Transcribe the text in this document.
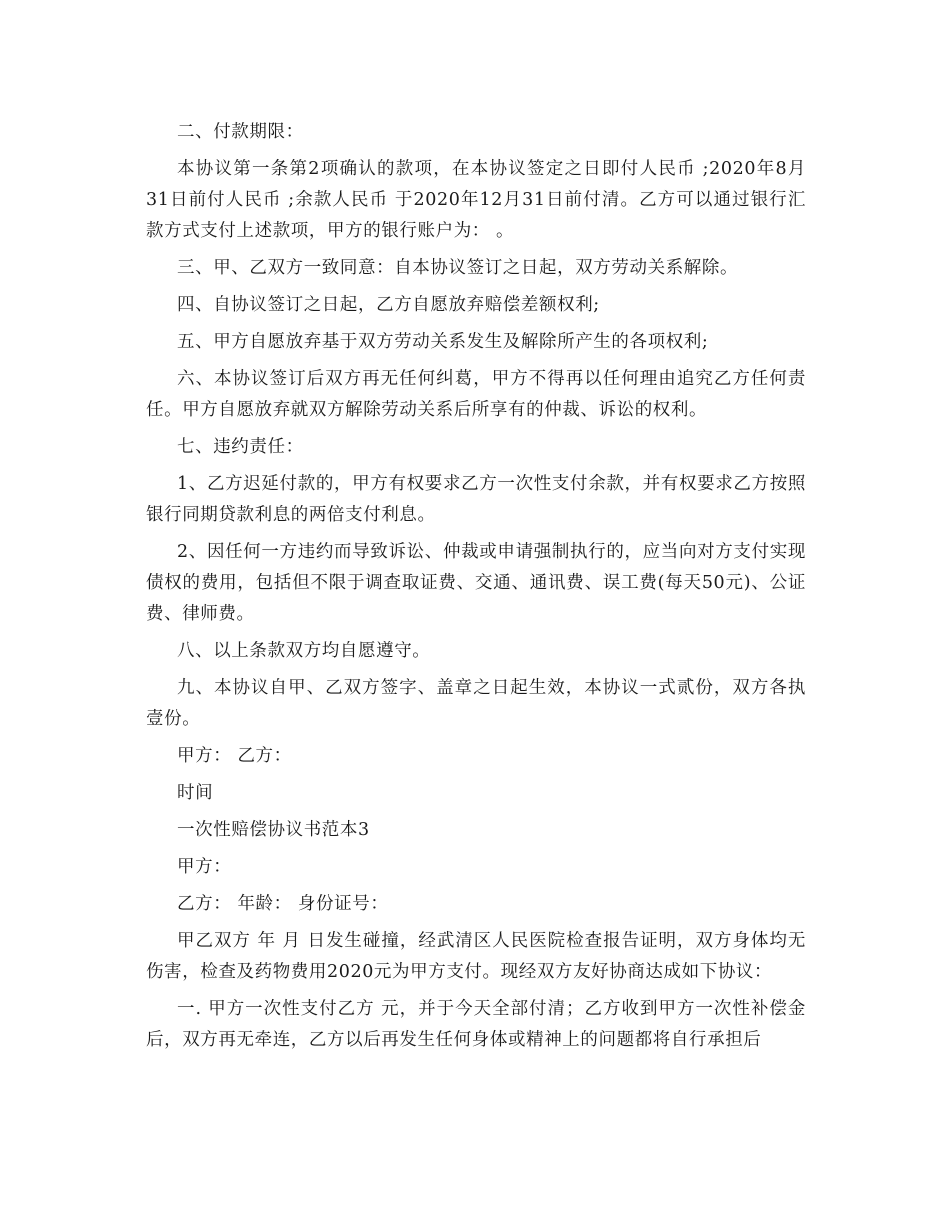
二、付款期限：

本协议第一条第2项确认的款项，在本协议签定之日即付人民币 ;2020年8月31日前付人民币 ;余款人民币 于2020年12月31日前付清。乙方可以通过银行汇款方式支付上述款项，甲方的银行账户为： 。

三、甲、乙双方一致同意：自本协议签订之日起，双方劳动关系解除。

四、自协议签订之日起，乙方自愿放弃赔偿差额权利;

五、甲方自愿放弃基于双方劳动关系发生及解除所产生的各项权利;

六、本协议签订后双方再无任何纠葛，甲方不得再以任何理由追究乙方任何责任。甲方自愿放弃就双方解除劳动关系后所享有的仲裁、诉讼的权利。

七、违约责任：

1、乙方迟延付款的，甲方有权要求乙方一次性支付余款，并有权要求乙方按照银行同期贷款利息的两倍支付利息。

2、因任何一方违约而导致诉讼、仲裁或申请强制执行的，应当向对方支付实现债权的费用，包括但不限于调查取证费、交通、通讯费、误工费(每天50元)、公证费、律师费。

八、以上条款双方均自愿遵守。

九、本协议自甲、乙双方签字、盖章之日起生效，本协议一式贰份，双方各执壹份。

甲方： 乙方：

时间

一次性赔偿协议书范本3

甲方：

乙方： 年龄： 身份证号：

甲乙双方 年 月 日发生碰撞，经武清区人民医院检查报告证明，双方身体均无伤害，检查及药物费用2020元为甲方支付。现经双方友好协商达成如下协议：

一. 甲方一次性支付乙方 元，并于今天全部付清；乙方收到甲方一次性补偿金后，双方再无牵连，乙方以后再发生任何身体或精神上的问题都将自行承担后
